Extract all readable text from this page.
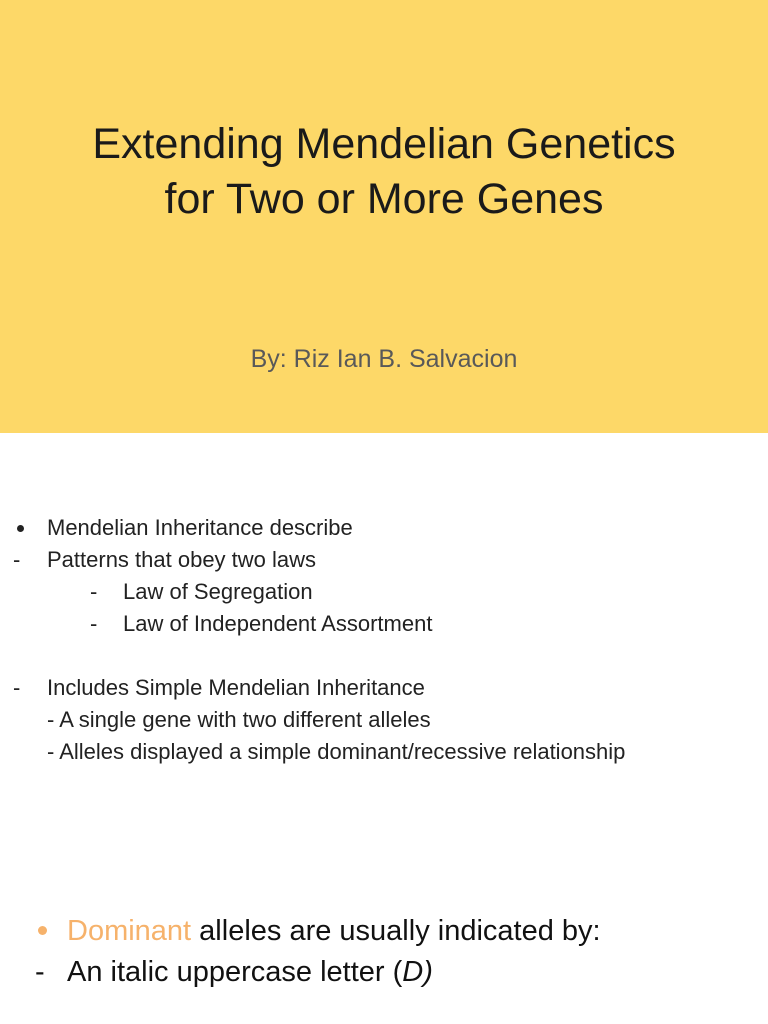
Extending Mendelian Genetics
for Two or More Genes
By: Riz Ian B. Salvacion
Mendelian Inheritance describe
- Patterns that obey two laws
- Law of Segregation
- Law of Independent Assortment
- Includes Simple Mendelian Inheritance
- A single gene with two different alleles
- Alleles displayed a simple dominant/recessive relationship
Dominant alleles are usually indicated by:
- An italic uppercase letter (D)
